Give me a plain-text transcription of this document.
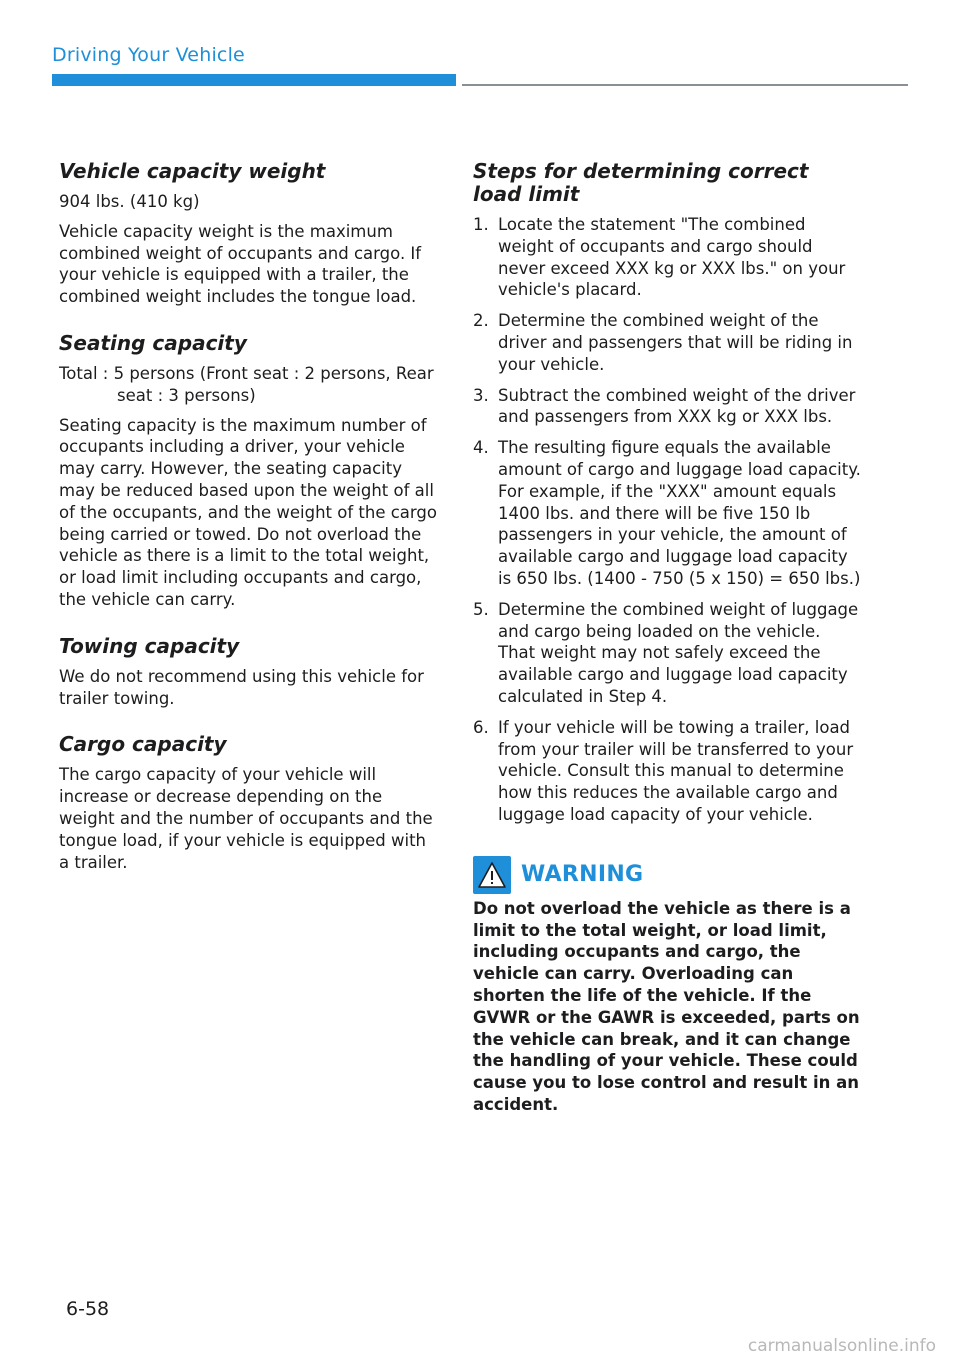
Driving Your Vehicle
Vehicle capacity weight

904 lbs. (410 kg)

Vehicle capacity weight is the maximum combined weight of occupants and cargo. If your vehicle is equipped with a trailer, the combined weight includes the tongue load.

Seating capacity

Total : 5 persons (Front seat : 2 persons, Rear seat : 3 persons)

Seating capacity is the maximum number of occupants including a driver, your vehicle may carry. However, the seating capacity may be reduced based upon the weight of all of the occupants, and the weight of the cargo being carried or towed. Do not overload the vehicle as there is a limit to the total weight, or load limit including occupants and cargo, the vehicle can carry.

Towing capacity

We do not recommend using this vehicle for trailer towing.

Cargo capacity

The cargo capacity of your vehicle will increase or decrease depending on the weight and the number of occupants and the tongue load, if your vehicle is equipped with a trailer.

Steps for determining correct load limit
1. Locate the statement "The combined weight of occupants and cargo should never exceed XXX kg or XXX lbs." on your vehicle's placard.
2. Determine the combined weight of the driver and passengers that will be riding in your vehicle.
3. Subtract the combined weight of the driver and passengers from XXX kg or XXX lbs.
4. The resulting figure equals the available amount of cargo and luggage load capacity. For example, if the "XXX" amount equals 1400 lbs. and there will be five 150 lb passengers in your vehicle, the amount of available cargo and luggage load capacity is 650 lbs. (1400 - 750 (5 x 150) = 650 lbs.)
5. Determine the combined weight of luggage and cargo being loaded on the vehicle. That weight may not safely exceed the available cargo and luggage load capacity calculated in Step 4.
6. If your vehicle will be towing a trailer, load from your trailer will be transferred to your vehicle. Consult this manual to determine how this reduces the available cargo and luggage load capacity of your vehicle.
WARNING

Do not overload the vehicle as there is a limit to the total weight, or load limit, including occupants and cargo, the vehicle can carry. Overloading can shorten the life of the vehicle. If the GVWR or the GAWR is exceeded, parts on the vehicle can break, and it can change the handling of your vehicle. These could cause you to lose control and result in an accident.

6-58
carmanualsonline.info
